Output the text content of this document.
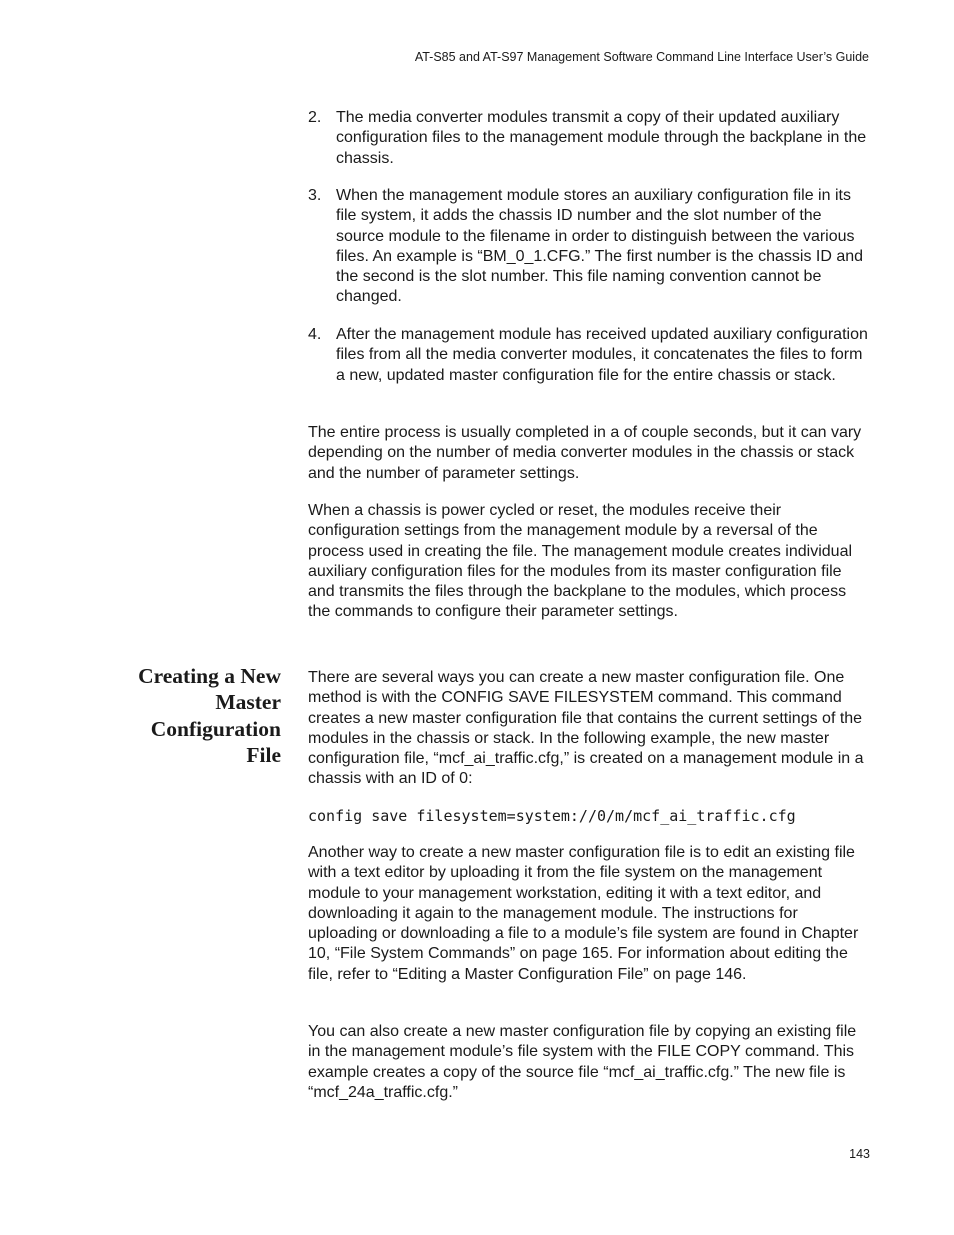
AT-S85 and AT-S97 Management Software Command Line Interface User’s Guide
2. The media converter modules transmit a copy of their updated auxiliary configuration files to the management module through the backplane in the chassis.
3. When the management module stores an auxiliary configuration file in its file system, it adds the chassis ID number and the slot number of the source module to the filename in order to distinguish between the various files. An example is “BM_0_1.CFG.” The first number is the chassis ID and the second is the slot number. This file naming convention cannot be changed.
4. After the management module has received updated auxiliary configuration files from all the media converter modules, it concatenates the files to form a new, updated master configuration file for the entire chassis or stack.
The entire process is usually completed in a of couple seconds, but it can vary depending on the number of media converter modules in the chassis or stack and the number of parameter settings.
When a chassis is power cycled or reset, the modules receive their configuration settings from the management module by a reversal of the process used in creating the file. The management module creates individual auxiliary configuration files for the modules from its master configuration file and transmits the files through the backplane to the modules, which process the commands to configure their parameter settings.
Creating a New
Master
Configuration
File
There are several ways you can create a new master configuration file. One method is with the CONFIG SAVE FILESYSTEM command. This command creates a new master configuration file that contains the current settings of the modules in the chassis or stack. In the following example, the new master configuration file, “mcf_ai_traffic.cfg,” is created on a management module in a chassis with an ID of 0:
config save filesystem=system://0/m/mcf_ai_traffic.cfg
Another way to create a new master configuration file is to edit an existing file with a text editor by uploading it from the file system on the management module to your management workstation, editing it with a text editor, and downloading it again to the management module. The instructions for uploading or downloading a file to a module’s file system are found in Chapter 10, “File System Commands” on page 165. For information about editing the file, refer to “Editing a Master Configuration File” on page 146.
You can also create a new master configuration file by copying an existing file in the management module’s file system with the FILE COPY command. This example creates a copy of the source file “mcf_ai_traffic.cfg.” The new file is “mcf_24a_traffic.cfg.”
143
